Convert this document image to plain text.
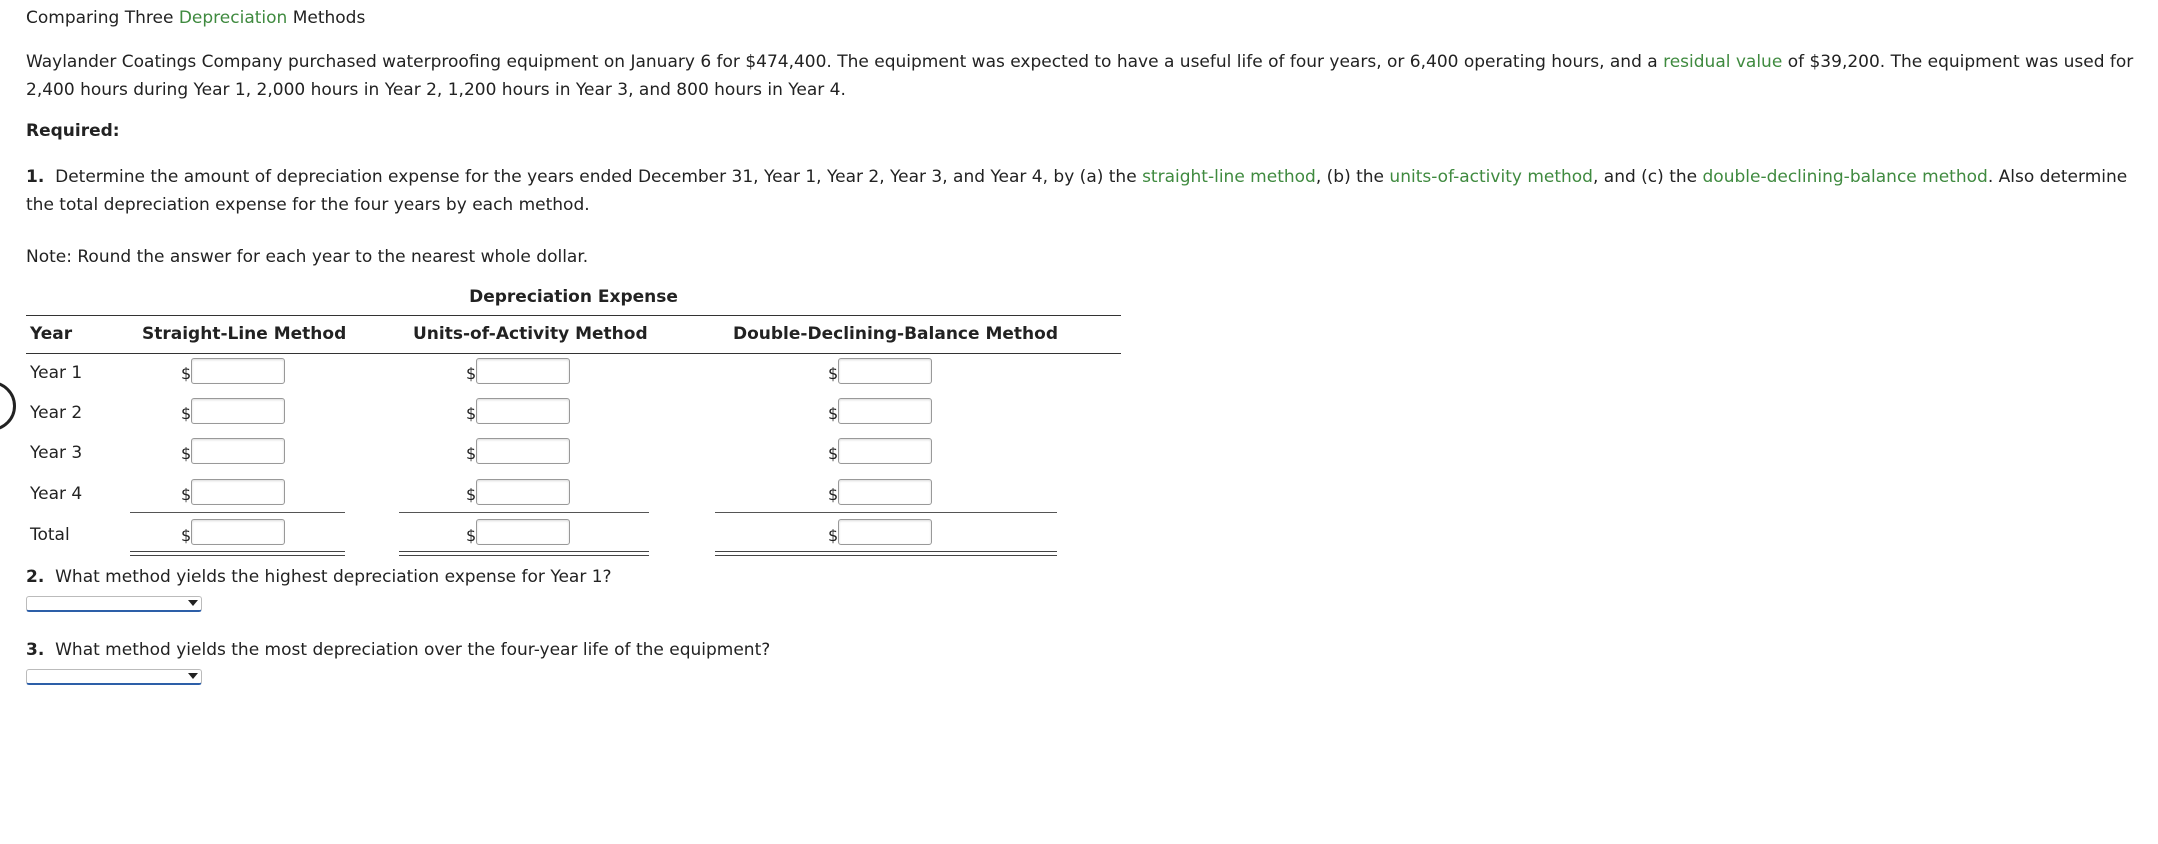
Comparing Three Depreciation Methods
Waylander Coatings Company purchased waterproofing equipment on January 6 for $474,400. The equipment was expected to have a useful life of four years, or 6,400 operating hours, and a residual value of $39,200. The equipment was used for 2,400 hours during Year 1, 2,000 hours in Year 2, 1,200 hours in Year 3, and 800 hours in Year 4.
Required:
1. Determine the amount of depreciation expense for the years ended December 31, Year 1, Year 2, Year 3, and Year 4, by (a) the straight-line method, (b) the units-of-activity method, and (c) the double-declining-balance method. Also determine the total depreciation expense for the four years by each method.
Note: Round the answer for each year to the nearest whole dollar.
Depreciation Expense
Year	Straight-Line Method	Units-of-Activity Method	Double-Declining-Balance Method
Year 1	$	$	$
Year 2	$	$	$
Year 3	$	$	$
Year 4	$	$	$
Total	$	$	$
2. What method yields the highest depreciation expense for Year 1?
3. What method yields the most depreciation over the four-year life of the equipment?
